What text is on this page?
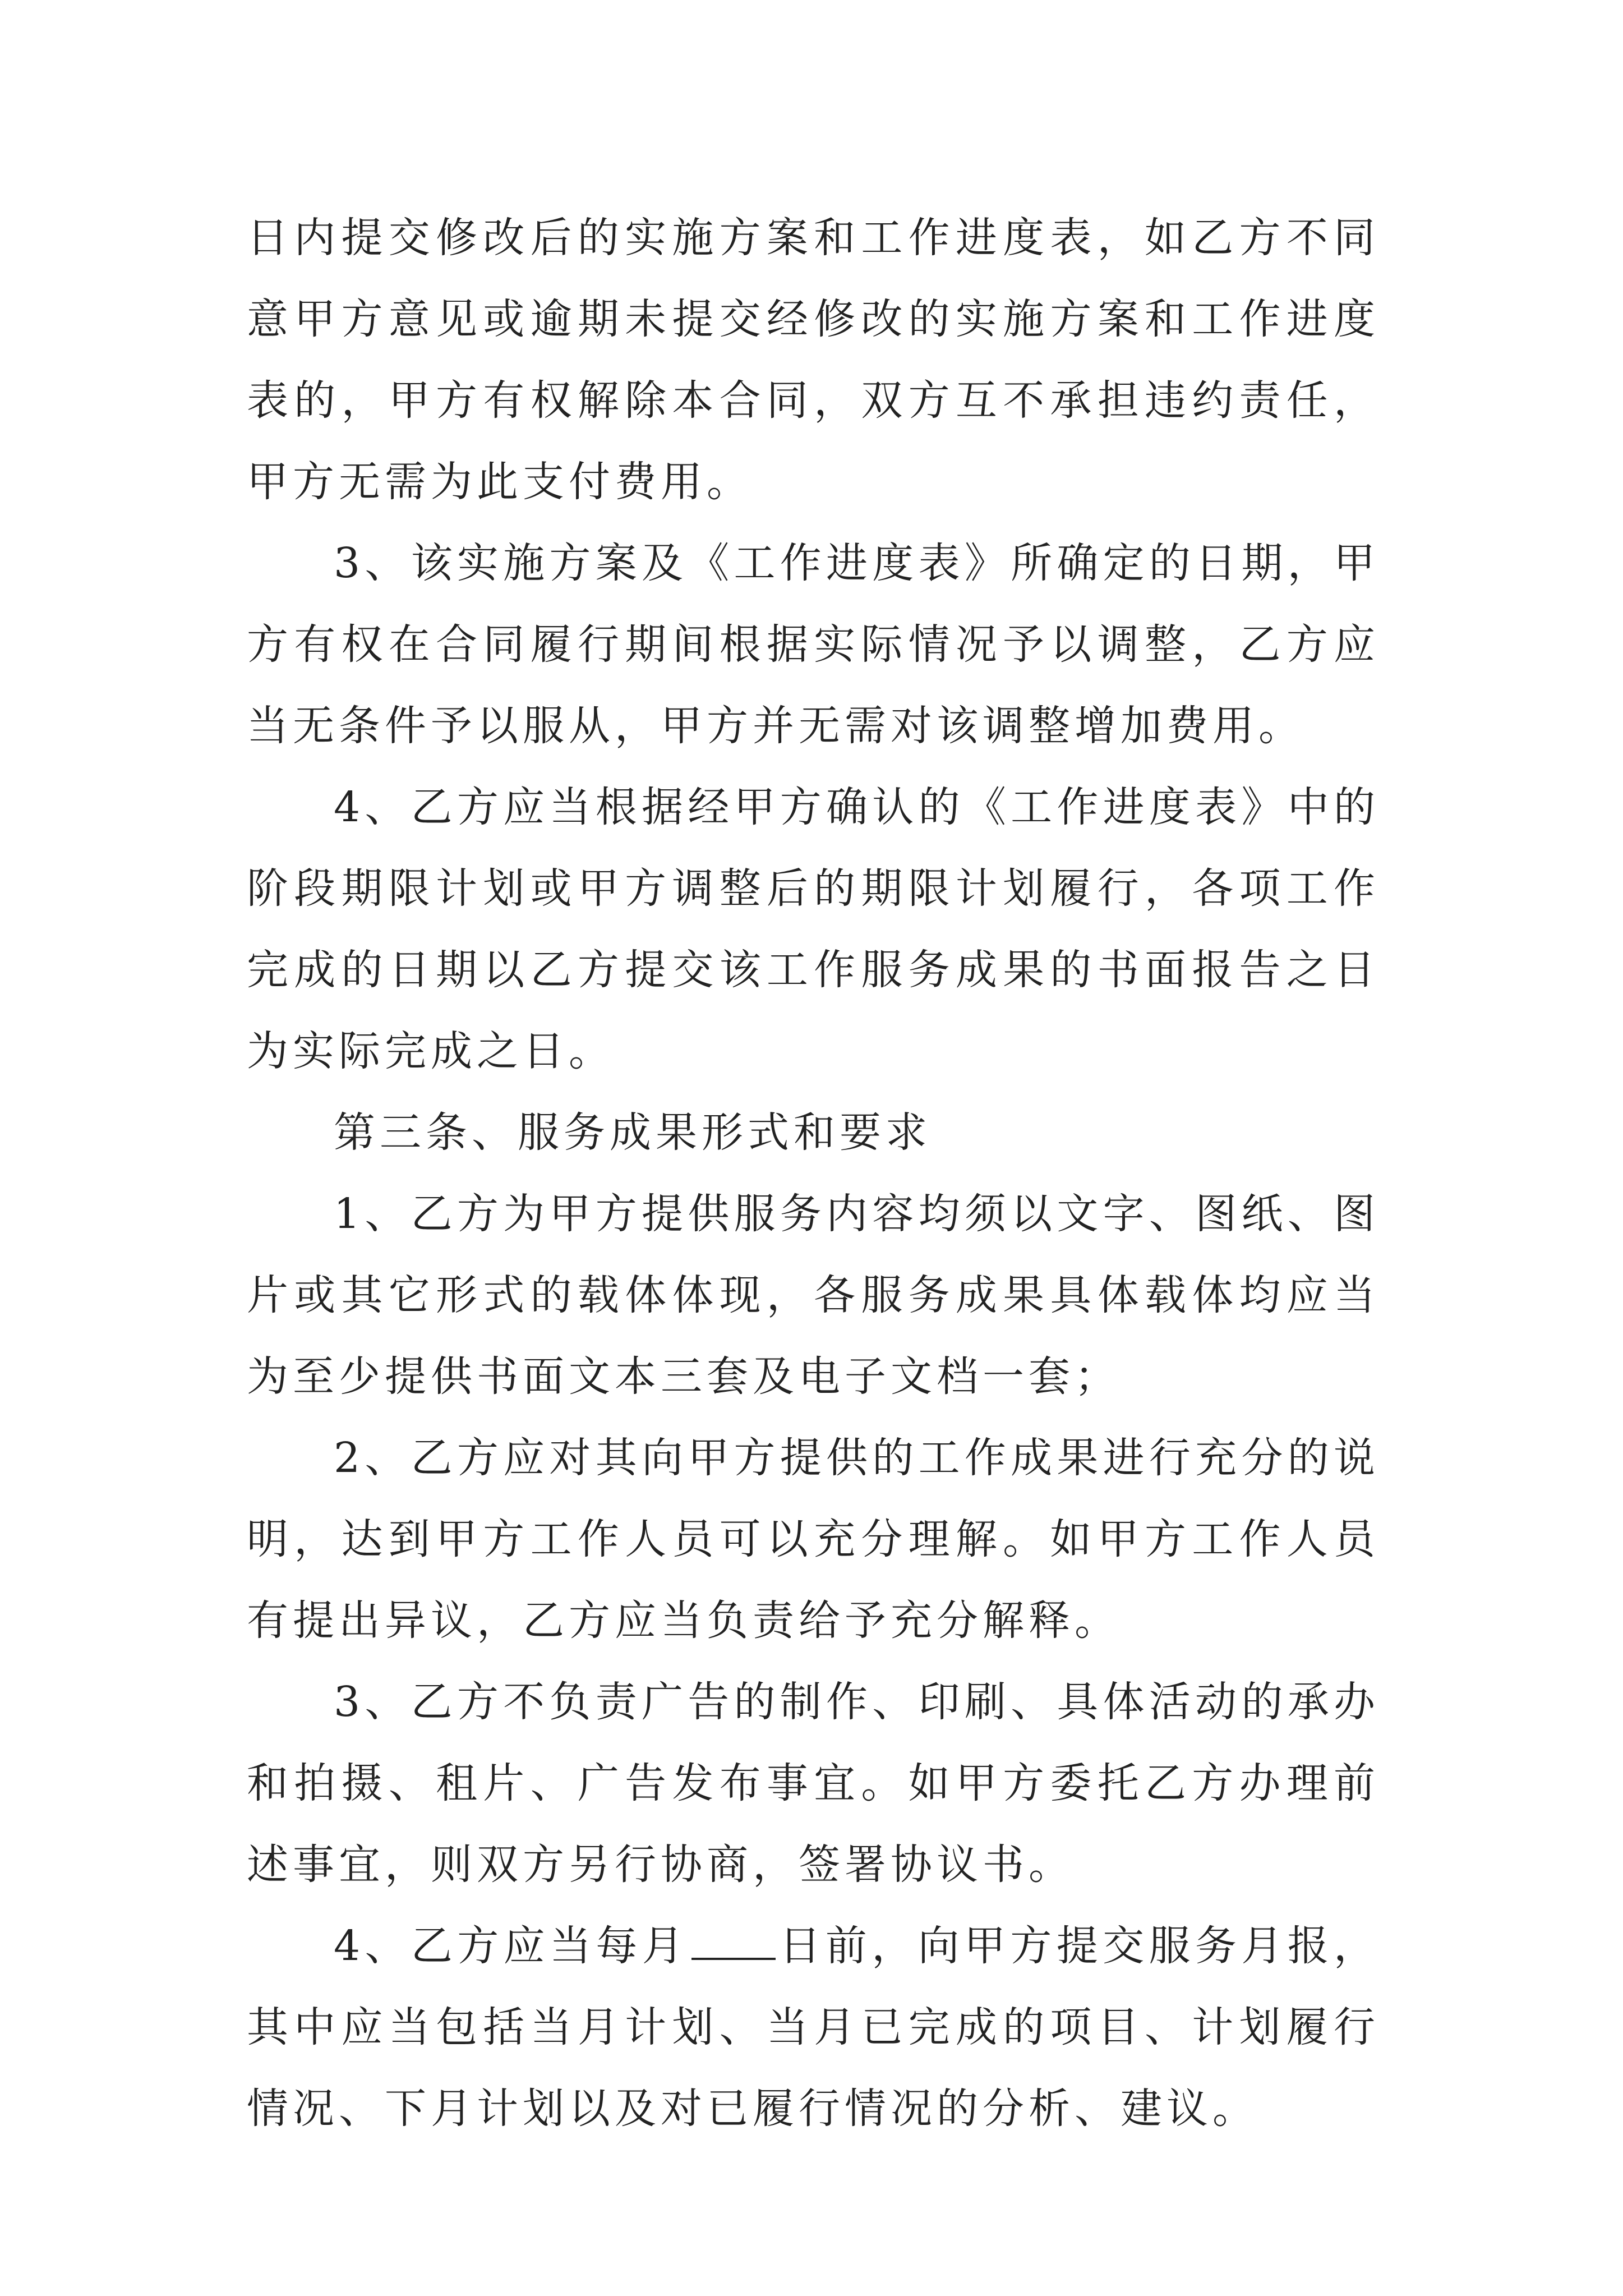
日内提交修改后的实施方案和工作进度表，如乙方不同意甲方意见或逾期未提交经修改的实施方案和工作进度表的，甲方有权解除本合同，双方互不承担违约责任，甲方无需为此支付费用。

3、该实施方案及《工作进度表》所确定的日期，甲方有权在合同履行期间根据实际情况予以调整，乙方应当无条件予以服从，甲方并无需对该调整增加费用。

4、乙方应当根据经甲方确认的《工作进度表》中的阶段期限计划或甲方调整后的期限计划履行，各项工作完成的日期以乙方提交该工作服务成果的书面报告之日为实际完成之日。

第三条、服务成果形式和要求

1、乙方为甲方提供服务内容均须以文字、图纸、图片或其它形式的载体体现，各服务成果具体载体均应当为至少提供书面文本三套及电子文档一套；

2、乙方应对其向甲方提供的工作成果进行充分的说明，达到甲方工作人员可以充分理解。如甲方工作人员有提出异议，乙方应当负责给予充分解释。

3、乙方不负责广告的制作、印刷、具体活动的承办和拍摄、租片、广告发布事宜。如甲方委托乙方办理前述事宜，则双方另行协商，签署协议书。

4、乙方应当每月 日前，向甲方提交服务月报，其中应当包括当月计划、当月已完成的项目、计划履行情况、下月计划以及对已履行情况的分析、建议。
